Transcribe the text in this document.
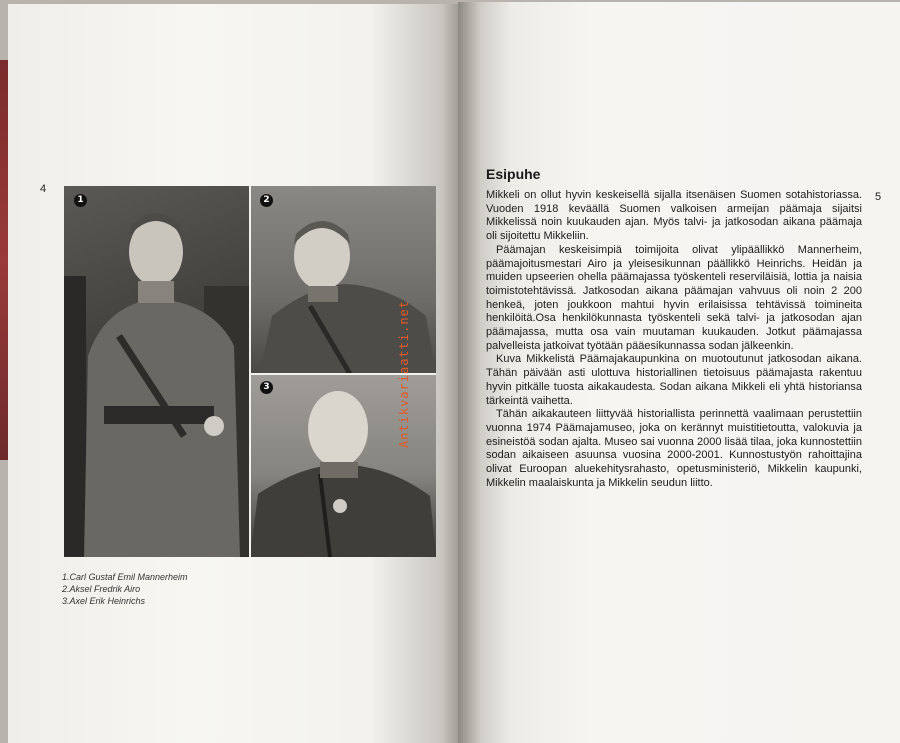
4
5
1	2
3	Antikvariaatti.net
1.Carl Gustaf Emil Mannerheim
2.Aksel Fredrik Airo
3.Axel Erik Heinrichs
Esipuhe

Mikkeli on ollut hyvin keskeisellä sijalla itsenäisen Suomen sotahistoriassa. Vuoden 1918 keväällä Suomen valkoisen armeijan päämaja sijaitsi Mikkelissä noin kuukauden ajan. Myös talvi- ja jatkosodan aikana päämaja oli sijoitettu Mikkeliin.

Päämajan keskeisimpiä toimijoita olivat ylipäällikkö Mannerheim, päämajoitusmestari Airo ja yleisesikunnan päällikkö Heinrichs. Heidän ja muiden upseerien ohella päämajassa työskenteli reserviläisiä, lottia ja naisia toimistotehtävissä. Jatkosodan aikana päämajan vahvuus oli noin 2 200 henkeä, joten joukkoon mahtui hyvin erilaisissa tehtävissä toimineita henkilöitä.Osa henkilökunnasta työskenteli sekä talvi- ja jatkosodan ajan päämajassa, mutta osa vain muutaman kuukauden. Jotkut päämajassa palvelleista jatkoivat työtään pääesikunnassa sodan jälkeenkin.

Kuva Mikkelistä Päämajakaupunkina on muotoutunut jatkosodan aikana. Tähän päivään asti ulottuva historiallinen tietoisuus päämajasta rakentuu hyvin pitkälle tuosta aikakaudesta. Sodan aikana Mikkeli eli yhtä historiansa tärkeintä vaihetta.

Tähän aikakauteen liittyvää historiallista perinnettä vaalimaan perustettiin vuonna 1974 Päämajamuseo, joka on kerännyt muistitietoutta, valokuvia ja esineistöä sodan ajalta. Museo sai vuonna 2000 lisää tilaa, joka kunnostettiin sodan aikaiseen asuunsa vuosina 2000-2001. Kunnostustyön rahoittajina olivat Euroopan aluekehitysrahasto, opetusministeriö, Mikkelin kaupunki, Mikkelin maalaiskunta ja Mikkelin seudun liitto.
